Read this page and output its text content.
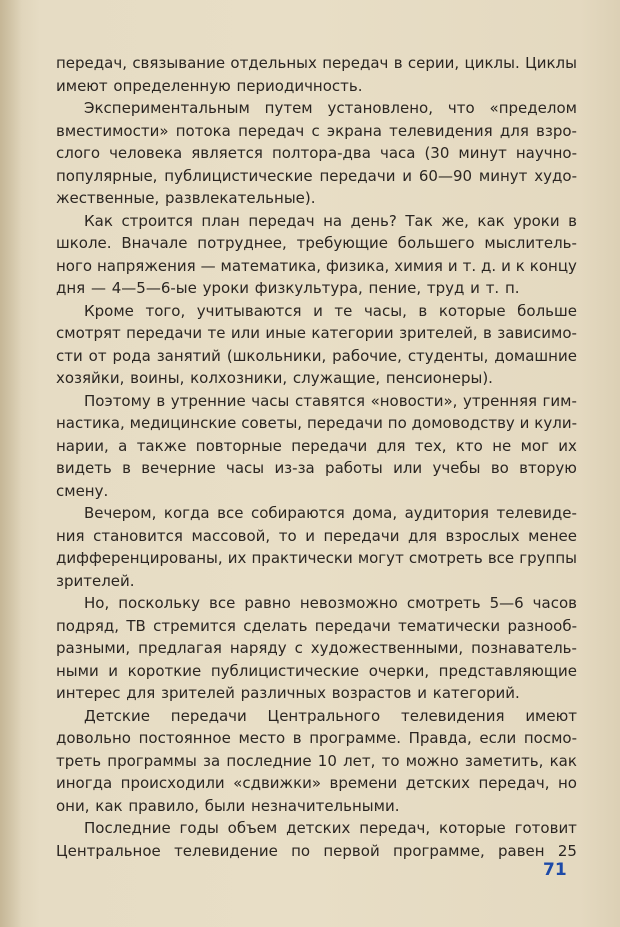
передач, связывание отдельных передач в серии, циклы. Циклы
имеют определенную периодичность.
Экспериментальным путем установлено, что «пределом
вместимости» потока передач с экрана телевидения для взро-
слого человека является полтора-два часа (30 минут научно-
популярные, публицистические передачи и 60—90 минут худо-
жественные, развлекательные).
Как строится план передач на день? Так же, как уроки в
школе. Вначале потруднее, требующие большего мыслитель-
ного напряжения — математика, физика, химия и т. д. и к концу
дня — 4—5—6-ые уроки физкультура, пение, труд и т. п.
Кроме того, учитываются и те часы, в которые больше
смотрят передачи те или иные категории зрителей, в зависимо-
сти от рода занятий (школьники, рабочие, студенты, домашние
хозяйки, воины, колхозники, служащие, пенсионеры).
Поэтому в утренние часы ставятся «новости», утренняя гим-
настика, медицинские советы, передачи по домоводству и кули-
нарии, а также повторные передачи для тех, кто не мог их
видеть в вечерние часы из-за работы или учебы во вторую
смену.
Вечером, когда все собираются дома, аудитория телевиде-
ния становится массовой, то и передачи для взрослых менее
дифференцированы, их практически могут смотреть все группы
зрителей.
Но, поскольку все равно невозможно смотреть 5—6 часов
подряд, ТВ стремится сделать передачи тематически разнооб-
разными, предлагая наряду с художественными, познаватель-
ными и короткие публицистические очерки, представляющие
интерес для зрителей различных возрастов и категорий.
Детские передачи Центрального телевидения имеют
довольно постоянное место в программе. Правда, если посмо-
треть программы за последние 10 лет, то можно заметить, как
иногда происходили «сдвижки» времени детских передач, но
они, как правило, были незначительными.
Последние годы объем детских передач, которые готовит
Центральное телевидение по первой программе, равен 25
71
